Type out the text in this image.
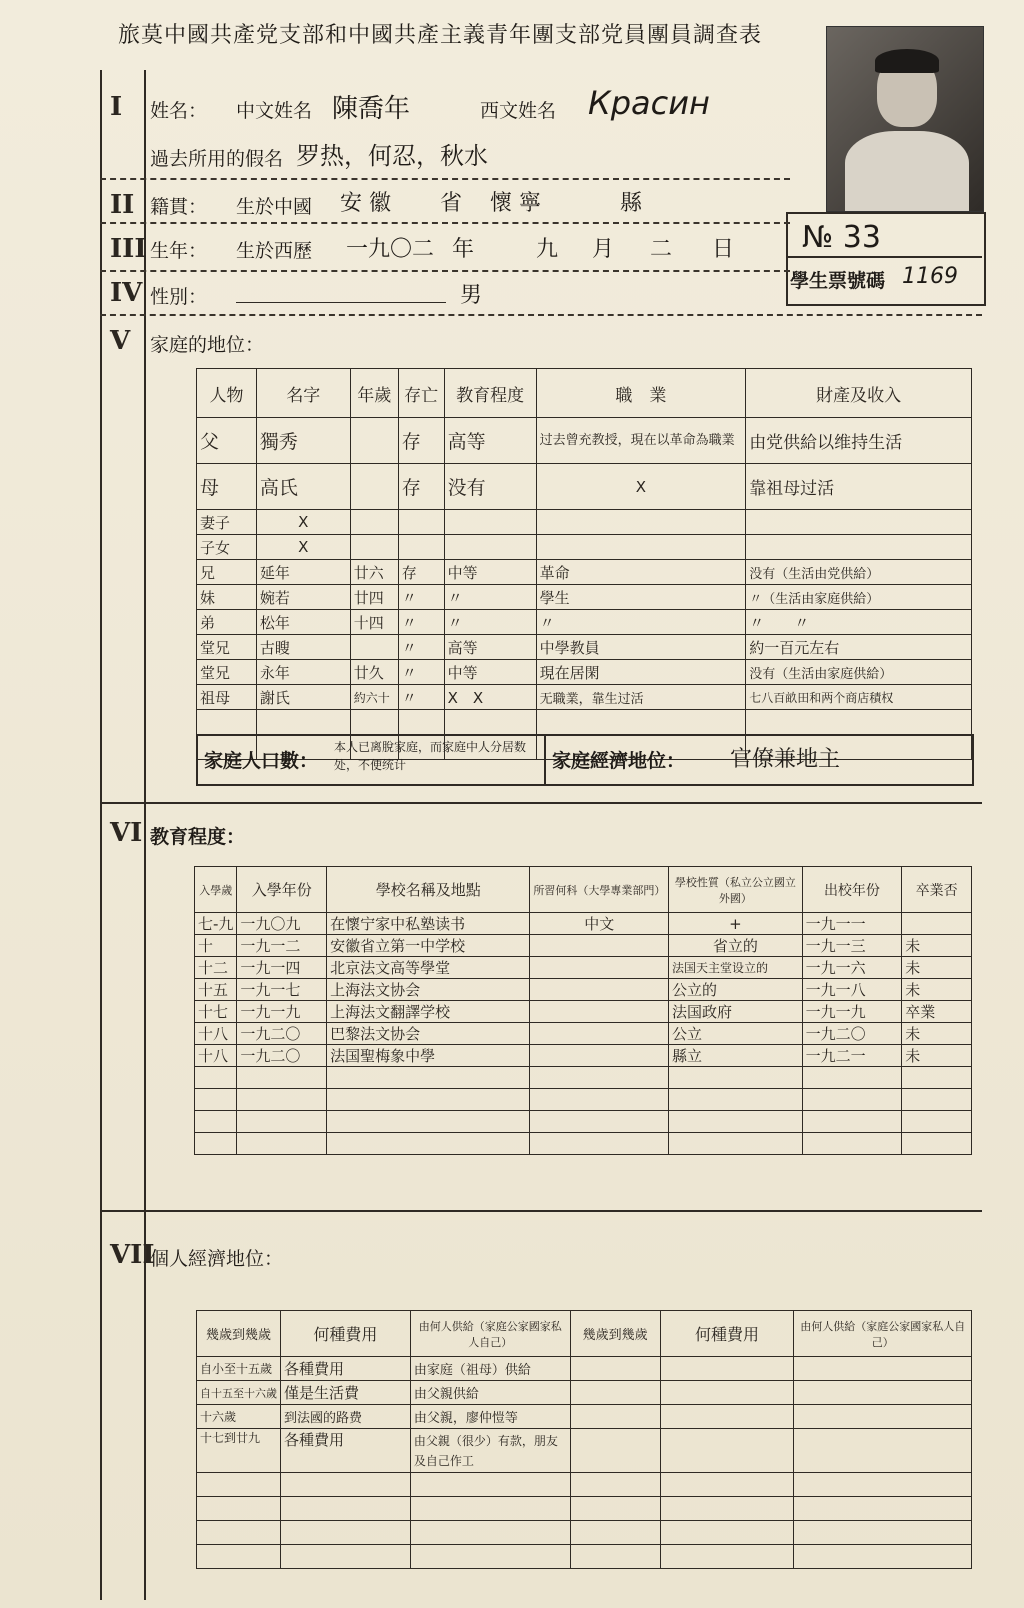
旅莫中國共產党支部和中國共產主義青年團支部党員團員調查表
№ 33
學生票號碼 1169
I 姓名： 中文姓名 陳喬年	西文姓名 Красин
過去所用的假名 罗热，何忍，秋水
II 籍貫： 生於中國 安 徽 省 懷 寧	縣
III 生年： 生於西歷 一九〇二 年	九 月 二 日
IV 性別：	男
V 家庭的地位：
人物	名字	年歲	存亡	教育程度	職　業	財產及收入
父	獨秀		存	高等	过去曾充教授，現在以革命為職業	由党供給以维持生活
母	高氏		存	没有	X	靠祖母过活
妻子	X					
子女	X					
兄	延年	廿六	存	中等	革命	没有（生活由党供給）
妹	婉若	廿四	〃	〃	學生	〃（生活由家庭供給）
弟	松年	十四	〃	〃	〃	〃　　〃
堂兄	古瞍		〃	高等	中學教員	約一百元左右
堂兄	永年	廿久	〃	中等	現在居閑	没有（生活由家庭供給）
祖母	謝氏	約六十	〃	X　X	无職業，靠生过活	七八百畝田和两个商店積权

家庭人口數：
本人已离脫家庭，而家庭中人分居数处，不便统计	家庭經濟地位： 官僚兼地主
VI 教育程度：
入學歲	入學年份	學校名稱及地點	所習何科（大學專業部門）	學校性質（私立公立國立外國）	出校年份	卒業否
七-九	一九〇九	在懷宁家中私塾读书	中文	+	一九一一	
十	一九一二	安徽省立第一中学校		省立的	一九一三	未
十二	一九一四	北京法文高等學堂		法国天主堂设立的	一九一六	未
十五	一九一七	上海法文协会		公立的	一九一八	未
十七	一九一九	上海法文翻譯学校		法国政府	一九一九	卒業
十八	一九二〇	巴黎法文协会		公立	一九二〇	未
十八	一九二〇	法国聖梅象中學		縣立	一九二一	未

VII
個人經濟地位：
幾歲到幾歲	何種費用	由何人供給（家庭公家國家私人自己）	幾歲到幾歲	何種費用	由何人供給（家庭公家國家私人自己）
自小至十五歲	各種費用	由家庭（祖母）供給			
自十五至十六歲	僅是生活費	由父親供給			
十六歲	到法國的路费	由父親，廖仲愷等			
十七到廿九	各種費用	由父親（很少）有款，朋友及自己作工			
